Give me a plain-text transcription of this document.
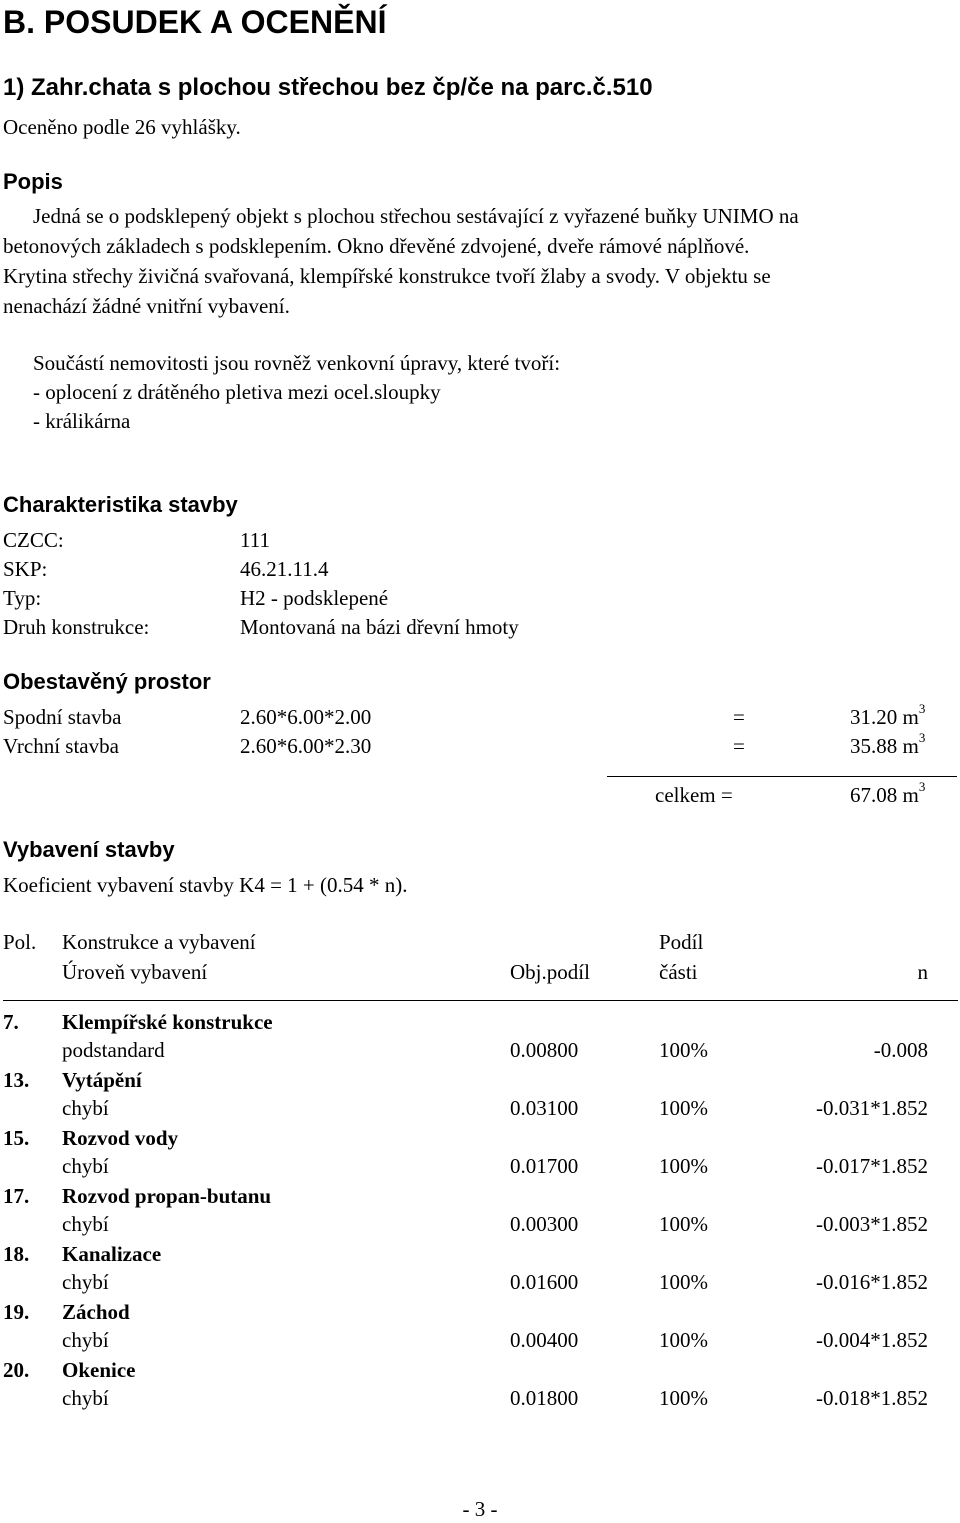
B. POSUDEK A OCENĚNÍ
1) Zahr.chata s plochou střechou bez čp/če na parc.č.510
Oceněno podle 26 vyhlášky.
Popis
Jedná se o podsklepený objekt s plochou střechou sestávající z vyřazené buňky UNIMO na
betonových základech s podsklepením. Okno dřevěné zdvojené, dveře rámové náplňové.
Krytina střechy živičná svařovaná, klempířské konstrukce tvoří žlaby a svody. V objektu se
nenachází žádné vnitřní vybavení.
Součástí nemovitosti jsou rovněž venkovní úpravy, které tvoří:
- oplocení z drátěného pletiva mezi ocel.sloupky
- králikárna
Charakteristika stavby
CZCC:	111
SKP:	46.21.11.4
Typ:	H2 - podsklepené
Druh konstrukce:	Montovaná na bázi dřevní hmoty
Obestavěný prostor
Spodní stavba	2.60*6.00*2.00	=	31.20 $m^3$
Vrchní stavba	2.60*6.00*2.30	=	35.88 $m^3$
celkem =	67.08 $m^3$
Vybavení stavby
Koeficient vybavení stavby K4 = 1 + (0.54 * n).
Pol. Konstrukce a vybavení	Podíl
Úroveň vybavení	Obj.podíl	části	n
7. Klempířské konstrukce
podstandard	0.00800	100%	-0.008
13. Vytápění
chybí	0.03100	100%	-0.031*1.852
15. Rozvod vody
chybí	0.01700	100%	-0.017*1.852
17. Rozvod propan-butanu
chybí	0.00300	100%	-0.003*1.852
18. Kanalizace
chybí	0.01600	100%	-0.016*1.852
19. Záchod
chybí	0.00400	100%	-0.004*1.852
20. Okenice
chybí	0.01800	100%	-0.018*1.852
- 3 -
